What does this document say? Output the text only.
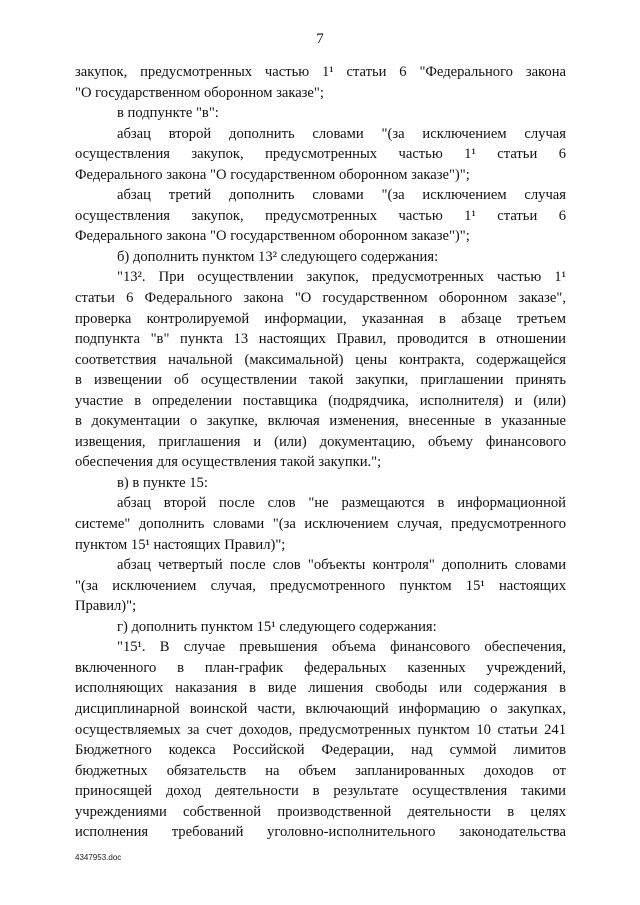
7
закупок, предусмотренных частью 1¹ статьи 6 "Федерального закона
"О государственном оборонном заказе";
в подпункте "в":
абзац второй дополнить словами "(за исключением случая
осуществления закупок, предусмотренных частью 1¹ статьи 6
Федерального закона "О государственном оборонном заказе")";
абзац третий дополнить словами "(за исключением случая
осуществления закупок, предусмотренных частью 1¹ статьи 6
Федерального закона "О государственном оборонном заказе")";
б) дополнить пунктом 13² следующего содержания:
"13². При осуществлении закупок, предусмотренных частью 1¹
статьи 6 Федерального закона "О государственном оборонном заказе",
проверка контролируемой информации, указанная в абзаце третьем
подпункта "в" пункта 13 настоящих Правил, проводится в отношении
соответствия начальной (максимальной) цены контракта, содержащейся
в извещении об осуществлении такой закупки, приглашении принять
участие в определении поставщика (подрядчика, исполнителя) и (или)
в документации о закупке, включая изменения, внесенные в указанные
извещения, приглашения и (или) документацию, объему финансового
обеспечения для осуществления такой закупки.";
в) в пункте 15:
абзац второй после слов "не размещаются в информационной
системе" дополнить словами "(за исключением случая, предусмотренного
пунктом 15¹ настоящих Правил)";
абзац четвертый после слов "объекты контроля" дополнить словами
"(за исключением случая, предусмотренного пунктом 15¹ настоящих
Правил)";
г) дополнить пунктом 15¹ следующего содержания:
"15¹. В случае превышения объема финансового обеспечения,
включенного в план-график федеральных казенных учреждений,
исполняющих наказания в виде лишения свободы или содержания в
дисциплинарной воинской части, включающий информацию о закупках,
осуществляемых за счет доходов, предусмотренных пунктом 10 статьи 241
Бюджетного кодекса Российской Федерации, над суммой лимитов
бюджетных обязательств на объем запланированных доходов от
приносящей доход деятельности в результате осуществления такими
учреждениями собственной производственной деятельности в целях
исполнения требований уголовно-исполнительного законодательства
4347953.doc
